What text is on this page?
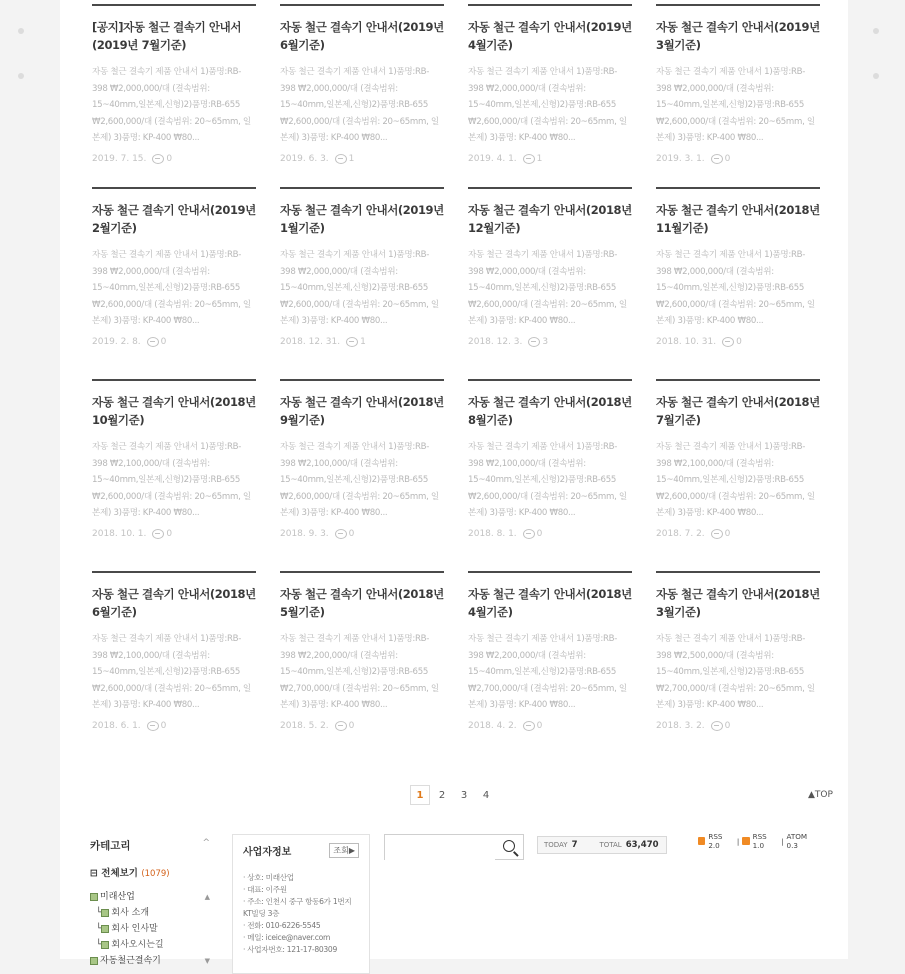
[공지]자동 철근 결속기 안내서(2019년 7월기준)
자동 철근 결속기 제품 안내서 1)품명:RB-398 ₩2,000,000/대 (결속범위: 15~40mm,일본제,신형)2)품명:RB-655 ₩2,600,000/대 (결속범위: 20~65mm, 일본제) 3)품명: KP-400 ₩80...
2019. 7. 15. 0
자동 철근 결속기 안내서(2019년 6월기준)
자동 철근 결속기 제품 안내서 1)품명:RB-398 ₩2,000,000/대 (결속범위: 15~40mm,일본제,신형)2)품명:RB-655 ₩2,600,000/대 (결속범위: 20~65mm, 일본제) 3)품명: KP-400 ₩80...
2019. 6. 3. 1
자동 철근 결속기 안내서(2019년 4월기준)
자동 철근 결속기 제품 안내서 1)품명:RB-398 ₩2,000,000/대 (결속범위: 15~40mm,일본제,신형)2)품명:RB-655 ₩2,600,000/대 (결속범위: 20~65mm, 일본제) 3)품명: KP-400 ₩80...
2019. 4. 1. 1
자동 철근 결속기 안내서(2019년 3월기준)
자동 철근 결속기 제품 안내서 1)품명:RB-398 ₩2,000,000/대 (결속범위: 15~40mm,일본제,신형)2)품명:RB-655 ₩2,600,000/대 (결속범위: 20~65mm, 일본제) 3)품명: KP-400 ₩80...
2019. 3. 1. 0
자동 철근 결속기 안내서(2019년 2월기준)
자동 철근 결속기 제품 안내서 1)품명:RB-398 ₩2,000,000/대 (결속범위: 15~40mm,일본제,신형)2)품명:RB-655 ₩2,600,000/대 (결속범위: 20~65mm, 일본제) 3)품명: KP-400 ₩80...
2019. 2. 8. 0
자동 철근 결속기 안내서(2019년 1월기준)
자동 철근 결속기 제품 안내서 1)품명:RB-398 ₩2,000,000/대 (결속범위: 15~40mm,일본제,신형)2)품명:RB-655 ₩2,600,000/대 (결속범위: 20~65mm, 일본제) 3)품명: KP-400 ₩80...
2018. 12. 31. 1
자동 철근 결속기 안내서(2018년 12월기준)
자동 철근 결속기 제품 안내서 1)품명:RB-398 ₩2,000,000/대 (결속범위: 15~40mm,일본제,신형)2)품명:RB-655 ₩2,600,000/대 (결속범위: 20~65mm, 일본제) 3)품명: KP-400 ₩80...
2018. 12. 3. 3
자동 철근 결속기 안내서(2018년 11월기준)
자동 철근 결속기 제품 안내서 1)품명:RB-398 ₩2,000,000/대 (결속범위: 15~40mm,일본제,신형)2)품명:RB-655 ₩2,600,000/대 (결속범위: 20~65mm, 일본제) 3)품명: KP-400 ₩80...
2018. 10. 31. 0
자동 철근 결속기 안내서(2018년 10월기준)
자동 철근 결속기 제품 안내서 1)품명:RB-398 ₩2,100,000/대 (결속범위: 15~40mm,일본제,신형)2)품명:RB-655 ₩2,600,000/대 (결속범위: 20~65mm, 일본제) 3)품명: KP-400 ₩80...
2018. 10. 1. 0
자동 철근 결속기 안내서(2018년 9월기준)
자동 철근 결속기 제품 안내서 1)품명:RB-398 ₩2,100,000/대 (결속범위: 15~40mm,일본제,신형)2)품명:RB-655 ₩2,600,000/대 (결속범위: 20~65mm, 일본제) 3)품명: KP-400 ₩80...
2018. 9. 3. 0
자동 철근 결속기 안내서(2018년 8월기준)
자동 철근 결속기 제품 안내서 1)품명:RB-398 ₩2,100,000/대 (결속범위: 15~40mm,일본제,신형)2)품명:RB-655 ₩2,600,000/대 (결속범위: 20~65mm, 일본제) 3)품명: KP-400 ₩80...
2018. 8. 1. 0
자동 철근 결속기 안내서(2018년 7월기준)
자동 철근 결속기 제품 안내서 1)품명:RB-398 ₩2,100,000/대 (결속범위: 15~40mm,일본제,신형)2)품명:RB-655 ₩2,600,000/대 (결속범위: 20~65mm, 일본제) 3)품명: KP-400 ₩80...
2018. 7. 2. 0
자동 철근 결속기 안내서(2018년 6월기준)
자동 철근 결속기 제품 안내서 1)품명:RB-398 ₩2,100,000/대 (결속범위: 15~40mm,일본제,신형)2)품명:RB-655 ₩2,600,000/대 (결속범위: 20~65mm, 일본제) 3)품명: KP-400 ₩80...
2018. 6. 1. 0
자동 철근 결속기 안내서(2018년 5월기준)
자동 철근 결속기 제품 안내서 1)품명:RB-398 ₩2,200,000/대 (결속범위: 15~40mm,일본제,신형)2)품명:RB-655 ₩2,700,000/대 (결속범위: 20~65mm, 일본제) 3)품명: KP-400 ₩80...
2018. 5. 2. 0
자동 철근 결속기 안내서(2018년 4월기준)
자동 철근 결속기 제품 안내서 1)품명:RB-398 ₩2,200,000/대 (결속범위: 15~40mm,일본제,신형)2)품명:RB-655 ₩2,700,000/대 (결속범위: 20~65mm, 일본제) 3)품명: KP-400 ₩80...
2018. 4. 2. 0
자동 철근 결속기 안내서(2018년 3월기준)
자동 철근 결속기 제품 안내서 1)품명:RB-398 ₩2,500,000/대 (결속범위: 15~40mm,일본제,신형)2)품명:RB-655 ₩2,700,000/대 (결속범위: 20~65mm, 일본제) 3)품명: KP-400 ₩80...
2018. 3. 2. 0
1	2	3	4	▲TOP
카테고리	^
⊟ 전체보기 (1079)
미래산업	▲
└ 회사 소개
└ 회사 인사말
└ 회사오시는길
자동철근결속기	▼
사업자정보	조회▶
· 상호: 미래산업
· 대표: 이주원
· 주소: 인천시 중구 항동6가 1번지 KT빌딩 3층
· 전화: 010-6226-5545
· 메일: iceice@naver.com
· 사업자번호: 121-17-80309
TODAY 7	TOTAL 63,470
RSS 2.0	| RSS 1.0	| ATOM 0.3
